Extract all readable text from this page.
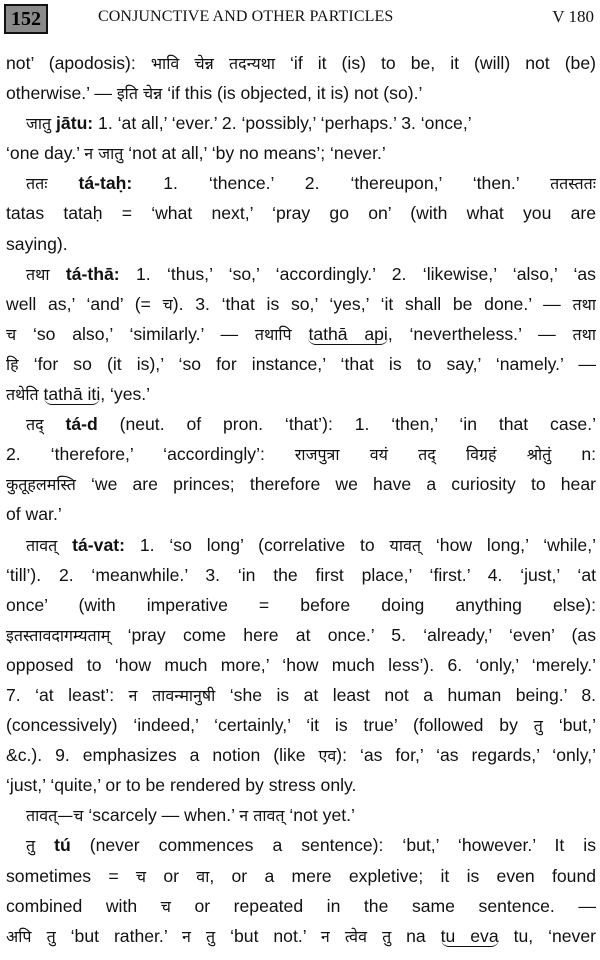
152	CONJUNCTIVE AND OTHER PARTICLES	V 180
not’ (apodosis): भावि चेन्न तदन्यथा ‘if it (is) to be, it (will) not (be)
otherwise.’ — इति चेन्न ‘if this (is objected, it is) not (so).’
जातु jātu: 1. ‘at all,’ ‘ever.’ 2. ‘possibly,’ ‘perhaps.’ 3. ‘once,’
‘one day.’ न जातु ‘not at all,’ ‘by no means’; ‘never.’
ततः tá-taḥ: 1. ‘thence.’ 2. ‘thereupon,’ ‘then.’ ततस्ततः
tatas tataḥ = ‘what next,’ ‘pray go on’ (with what you are
saying).
तथा tá-thā: 1. ‘thus,’ ‘so,’ ‘accordingly.’ 2. ‘likewise,’ ‘also,’ ‘as
well as,’ ‘and’ (= च). 3. ‘that is so,’ ‘yes,’ ‘it shall be done.’ — तथा
च ‘so also,’ ‘similarly.’ — तथापि tathā api, ‘nevertheless.’ — तथा
हि ‘for so (it is),’ ‘so for instance,’ ‘that is to say,’ ‘namely.’ —
तथेति tathā iti, ‘yes.’
तद् tá-d (neut. of pron. ‘that’): 1. ‘then,’ ‘in that case.’
2. ‘therefore,’ ‘accordingly’: राजपुत्रा वयं तद् विग्रहं श्रोतुं n:
कुतूहलमस्ति ‘we are princes; therefore we have a curiosity to hear
of war.’
तावत् tá-vat: 1. ‘so long’ (correlative to यावत् ‘how long,’ ‘while,’
‘till’). 2. ‘meanwhile.’ 3. ‘in the first place,’ ‘first.’ 4. ‘just,’ ‘at
once’ (with imperative = before doing anything else):
इतस्तावदागम्यताम् ‘pray come here at once.’ 5. ‘already,’ ‘even’ (as
opposed to ‘how much more,’ ‘how much less’). 6. ‘only,’ ‘merely.’
7. ‘at least’: न तावन्मानुषी ‘she is at least not a human being.’ 8.
(concessively) ‘indeed,’ ‘certainly,’ ‘it is true’ (followed by तु ‘but,’
&c.). 9. emphasizes a notion (like एव): ‘as for,’ ‘as regards,’ ‘only,’
‘just,’ ‘quite,’ or to be rendered by stress only.
तावत्—च ‘scarcely — when.’ न तावत् ‘not yet.’
तु tú (never commences a sentence): ‘but,’ ‘however.’ It is
sometimes = च or वा, or a mere expletive; it is even found
combined with च or repeated in the same sentence. —
अपि तु ‘but rather.’ न तु ‘but not.’ न त्वेव तु na tu eva tu, ‘never
